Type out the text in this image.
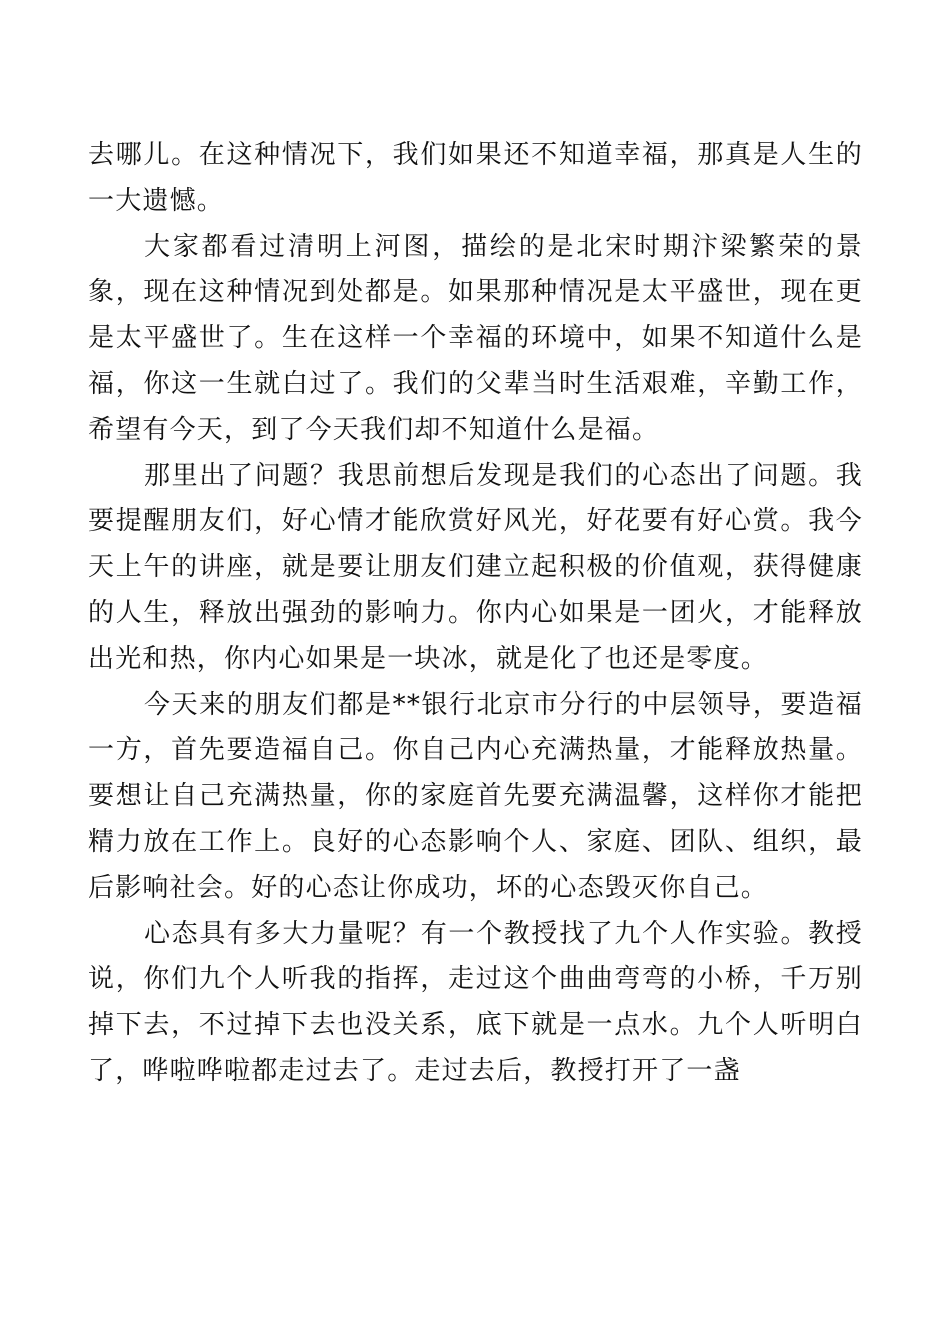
去哪儿。在这种情况下，我们如果还不知道幸福，那真是人生的一大遗憾。

大家都看过清明上河图，描绘的是北宋时期汴梁繁荣的景象，现在这种情况到处都是。如果那种情况是太平盛世，现在更是太平盛世了。生在这样一个幸福的环境中，如果不知道什么是福，你这一生就白过了。我们的父辈当时生活艰难，辛勤工作，希望有今天，到了今天我们却不知道什么是福。

那里出了问题？我思前想后发现是我们的心态出了问题。我要提醒朋友们，好心情才能欣赏好风光，好花要有好心赏。我今天上午的讲座，就是要让朋友们建立起积极的价值观，获得健康的人生，释放出强劲的影响力。你内心如果是一团火，才能释放出光和热，你内心如果是一块冰，就是化了也还是零度。

今天来的朋友们都是**银行北京市分行的中层领导，要造福一方，首先要造福自己。你自己内心充满热量，才能释放热量。要想让自己充满热量，你的家庭首先要充满温馨，这样你才能把精力放在工作上。良好的心态影响个人、家庭、团队、组织，最后影响社会。好的心态让你成功，坏的心态毁灭你自己。

心态具有多大力量呢？有一个教授找了九个人作实验。教授说，你们九个人听我的指挥，走过这个曲曲弯弯的小桥，千万别掉下去，不过掉下去也没关系，底下就是一点水。九个人听明白了，哗啦哗啦都走过去了。走过去后，教授打开了一盏
